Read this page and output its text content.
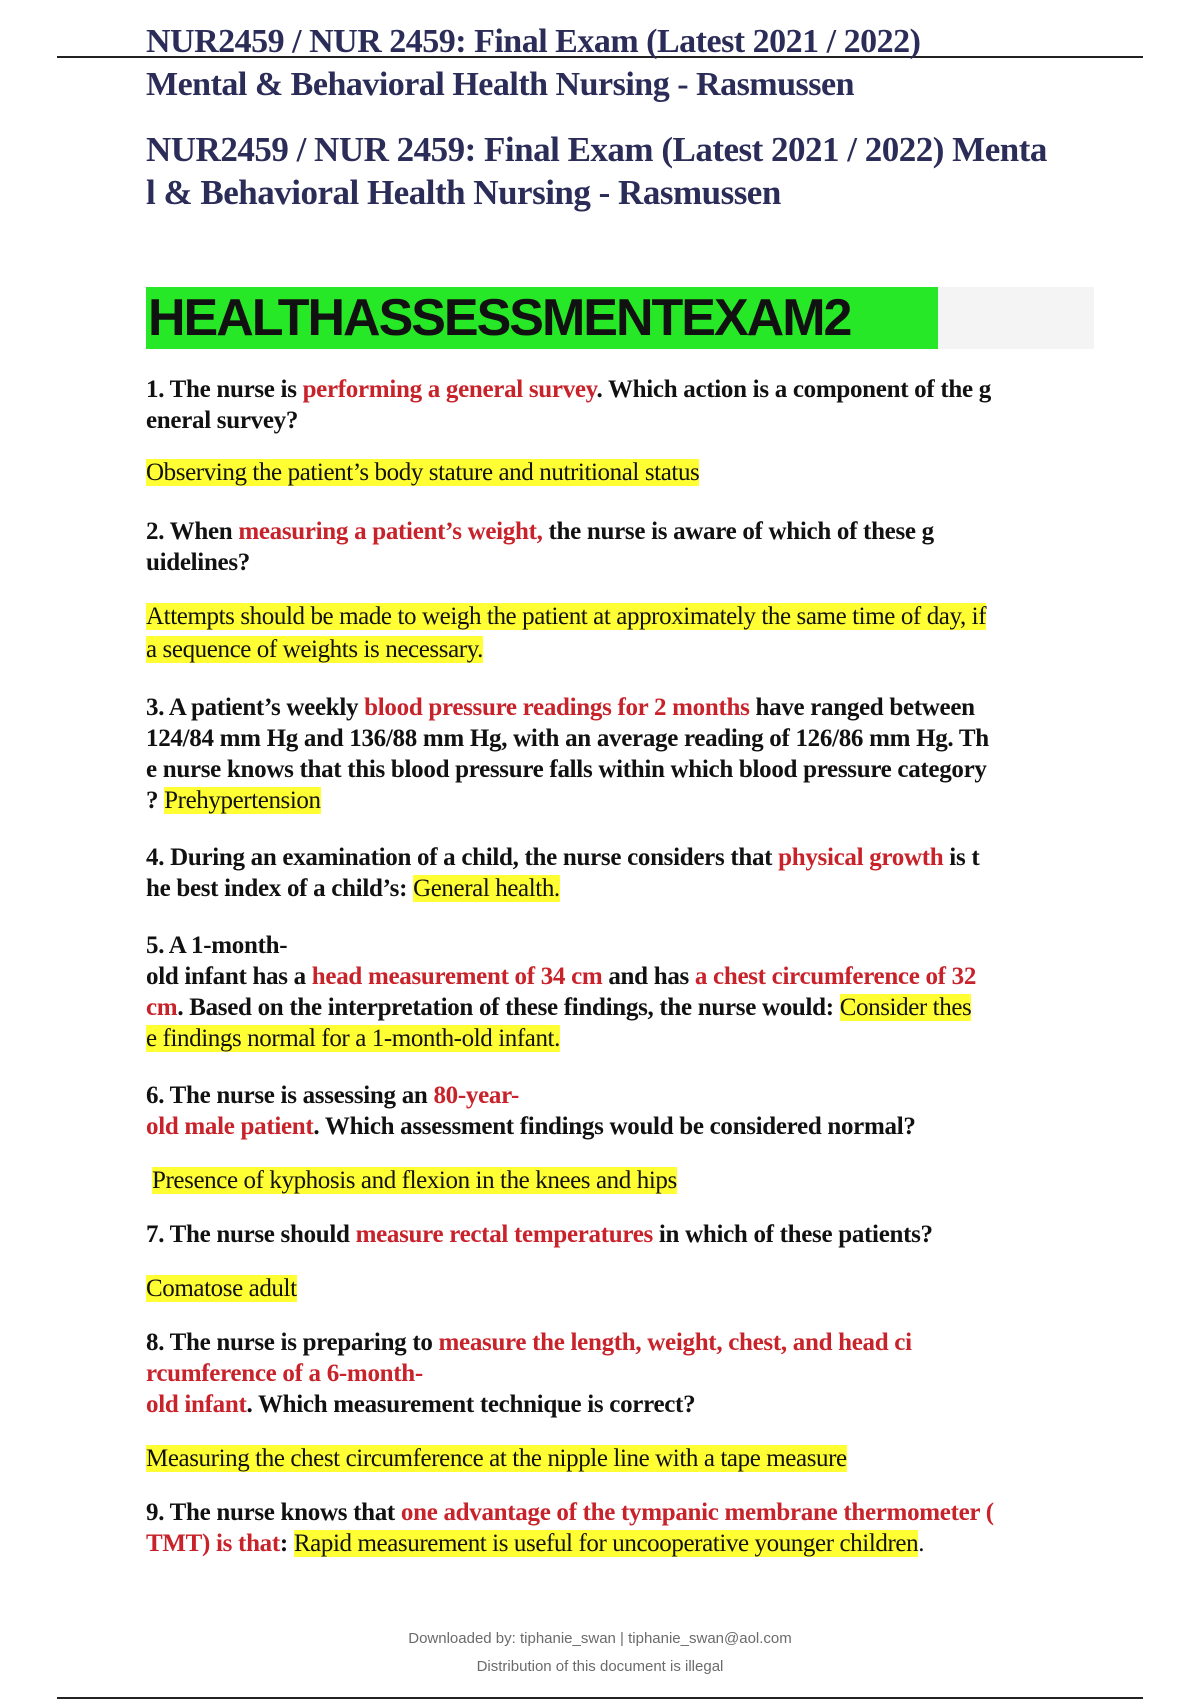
NUR2459 / NUR 2459: Final Exam (Latest 2021 / 2022)
Mental & Behavioral Health Nursing - Rasmussen
NUR2459 / NUR 2459: Final Exam (Latest 2021 / 2022) Menta
l & Behavioral Health Nursing - Rasmussen
HEALTHASSESSMENTEXAM2

1. The nurse is performing a general survey. Which action is a component of the g
eneral survey?

Observing the patient’s body stature and nutritional status

2. When measuring a patient’s weight, the nurse is aware of which of these g
uidelines?

Attempts should be made to weigh the patient at approximately the same time of day, if
a sequence of weights is necessary.

3. A patient’s weekly blood pressure readings for 2 months have ranged between
124/84 mm Hg and 136/88 mm Hg, with an average reading of 126/86 mm Hg. Th
e nurse knows that this blood pressure falls within which blood pressure category
? Prehypertension

4. During an examination of a child, the nurse considers that physical growth is t
he best index of a child’s: General health.

5. A 1-month-
old infant has a head measurement of 34 cm and has a chest circumference of 32
cm. Based on the interpretation of these findings, the nurse would: Consider thes
e findings normal for a 1-month-old infant.

6. The nurse is assessing an 80-year-
old male patient. Which assessment findings would be considered normal?

Presence of kyphosis and flexion in the knees and hips

7. The nurse should measure rectal temperatures in which of these patients?

Comatose adult

8. The nurse is preparing to measure the length, weight, chest, and head ci
rcumference of a 6-month-
old infant. Which measurement technique is correct?

Measuring the chest circumference at the nipple line with a tape measure

9. The nurse knows that one advantage of the tympanic membrane thermometer (
TMT) is that: Rapid measurement is useful for uncooperative younger children.

Downloaded by: tiphanie_swan | tiphanie_swan@aol.com
Distribution of this document is illegal
